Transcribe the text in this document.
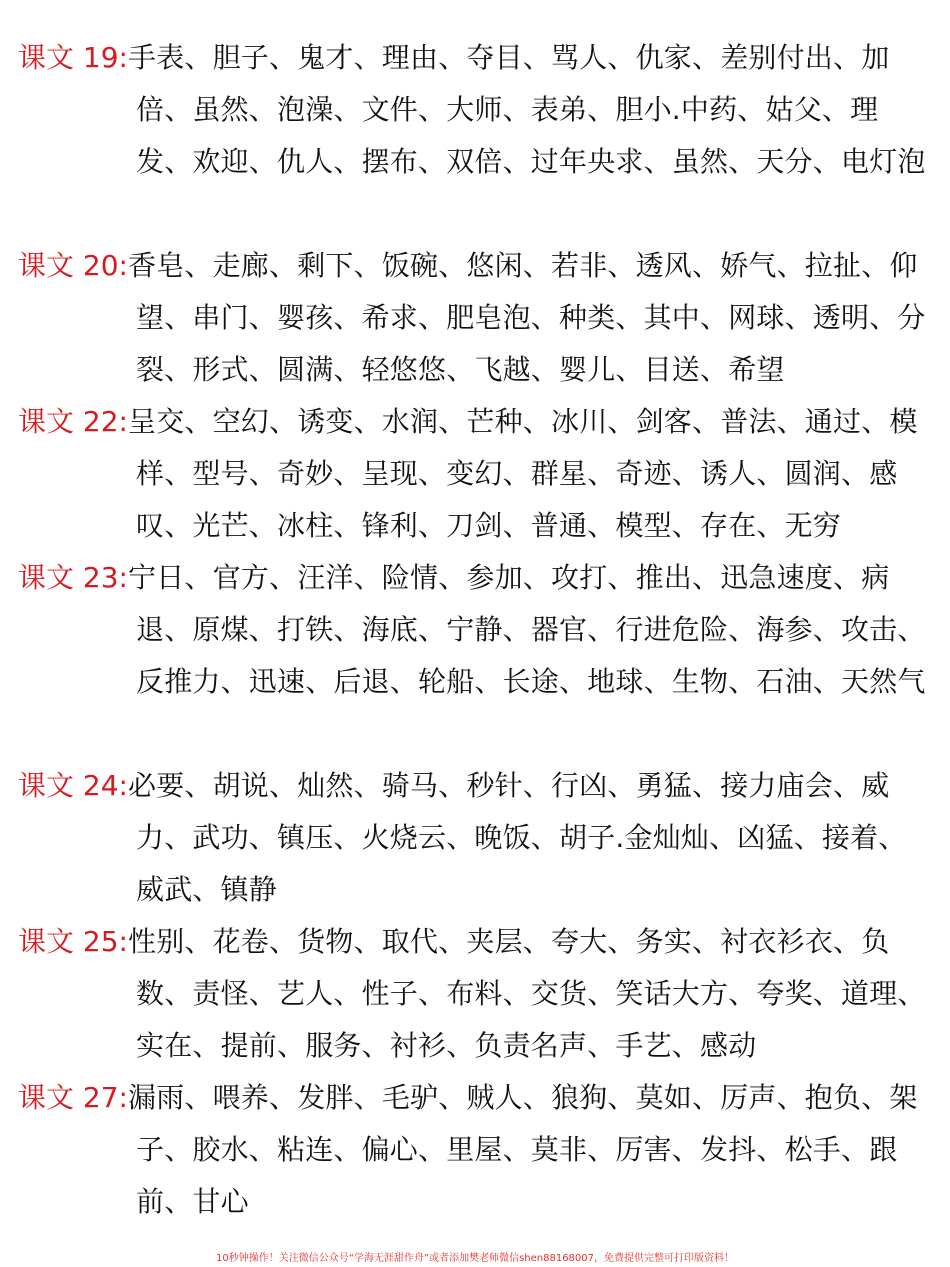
课文 19: 手表、胆子、鬼才、理由、夺目、骂人、仇家、差别付出、加倍、虽然、泡澡、文件、大师、表弟、胆小.中药、姑父、理发、欢迎、仇人、摆布、双倍、过年央求、虽然、天分、电灯泡
课文 20: 香皂、走廊、剩下、饭碗、悠闲、若非、透风、娇气、拉扯、仰望、串门、婴孩、希求、肥皂泡、种类、其中、网球、透明、分裂、形式、圆满、轻悠悠、飞越、婴儿、目送、希望
课文 22: 呈交、空幻、诱变、水润、芒种、冰川、剑客、普法、通过、模样、型号、奇妙、呈现、变幻、群星、奇迹、诱人、圆润、感叹、光芒、冰柱、锋利、刀剑、普通、模型、存在、无穷
课文 23: 宁日、官方、汪洋、险情、参加、攻打、推出、迅急速度、病退、原煤、打铁、海底、宁静、器官、行进危险、海参、攻击、反推力、迅速、后退、轮船、长途、地球、生物、石油、天然气
课文 24: 必要、胡说、灿然、骑马、秒针、行凶、勇猛、接力庙会、威力、武功、镇压、火烧云、晚饭、胡子.金灿灿、凶猛、接着、威武、镇静
课文 25: 性别、花卷、货物、取代、夹层、夸大、务实、衬衣衫衣、负数、责怪、艺人、性子、布料、交货、笑话大方、夸奖、道理、实在、提前、服务、衬衫、负责名声、手艺、感动
课文 27: 漏雨、喂养、发胖、毛驴、贼人、狼狗、莫如、厉声、抱负、架子、胶水、粘连、偏心、里屋、莫非、厉害、发抖、松手、跟前、甘心
10秒钟操作！关注微信公众号“学海无涯甜作舟”或者添加樊老师微信shen88168007，免费提供完整可打印版资料！
